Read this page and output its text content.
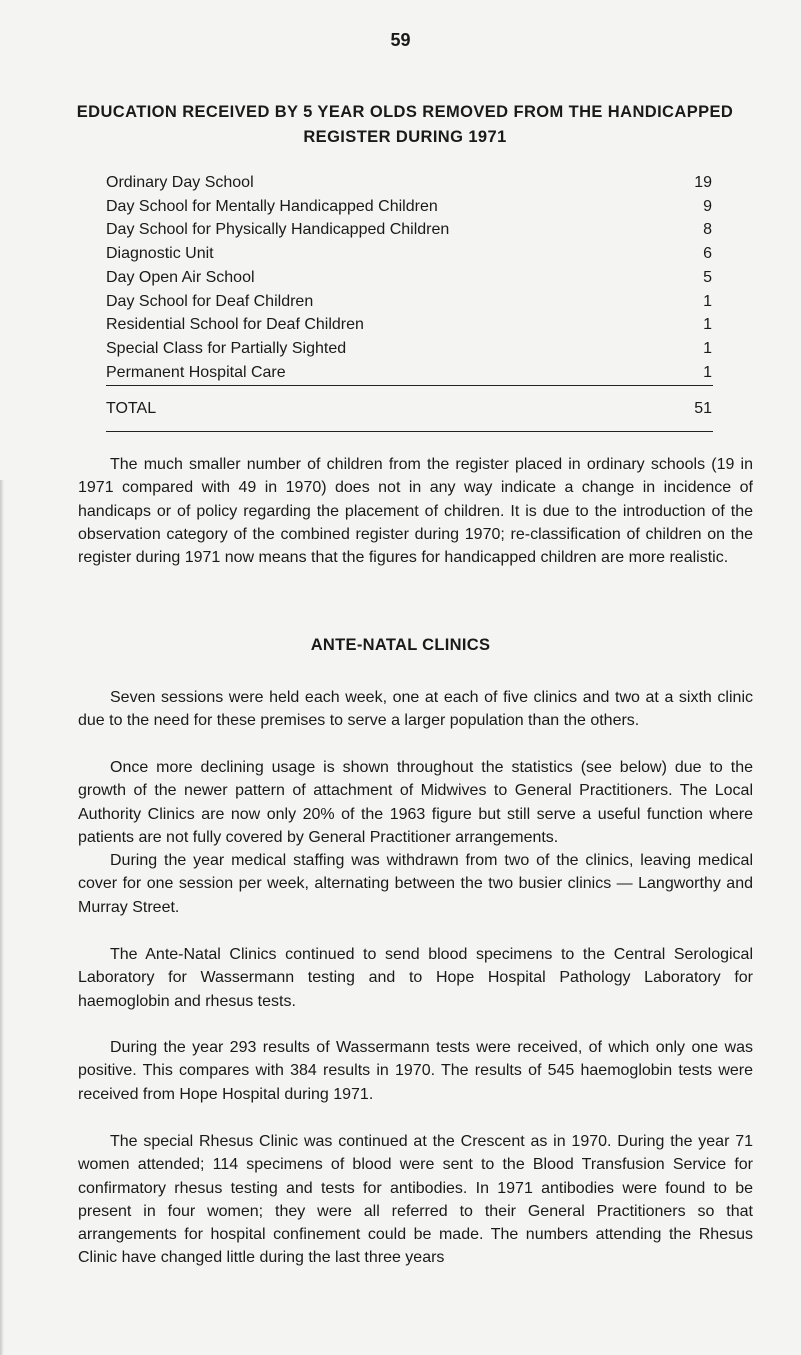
59
EDUCATION RECEIVED BY 5 YEAR OLDS REMOVED FROM THE HANDICAPPED REGISTER DURING 1971
Ordinary Day School	19
Day School for Mentally Handicapped Children	9
Day School for Physically Handicapped Children	8
Diagnostic Unit	6
Day Open Air School	5
Day School for Deaf Children	1
Residential School for Deaf Children	1
Special Class for Partially Sighted	1
Permanent Hospital Care	1
TOTAL	51
The much smaller number of children from the register placed in ordinary schools (19 in 1971 compared with 49 in 1970) does not in any way indicate a change in incidence of handicaps or of policy regarding the placement of children. It is due to the introduction of the observation category of the combined register during 1970; re-classification of children on the register during 1971 now means that the figures for handicapped children are more realistic.
ANTE-NATAL CLINICS
Seven sessions were held each week, one at each of five clinics and two at a sixth clinic due to the need for these premises to serve a larger population than the others.
Once more declining usage is shown throughout the statistics (see below) due to the growth of the newer pattern of attachment of Midwives to General Practitioners. The Local Authority Clinics are now only 20% of the 1963 figure but still serve a useful function where patients are not fully covered by General Practitioner arrangements.
During the year medical staffing was withdrawn from two of the clinics, leaving medical cover for one session per week, alternating between the two busier clinics — Langworthy and Murray Street.
The Ante-Natal Clinics continued to send blood specimens to the Central Serological Laboratory for Wassermann testing and to Hope Hospital Pathology Laboratory for haemoglobin and rhesus tests.
During the year 293 results of Wassermann tests were received, of which only one was positive. This compares with 384 results in 1970. The results of 545 haemoglobin tests were received from Hope Hospital during 1971.
The special Rhesus Clinic was continued at the Crescent as in 1970. During the year 71 women attended; 114 specimens of blood were sent to the Blood Transfusion Service for confirmatory rhesus testing and tests for antibodies. In 1971 antibodies were found to be present in four women; they were all referred to their General Practitioners so that arrangements for hospital confinement could be made. The numbers attending the Rhesus Clinic have changed little during the last three years
